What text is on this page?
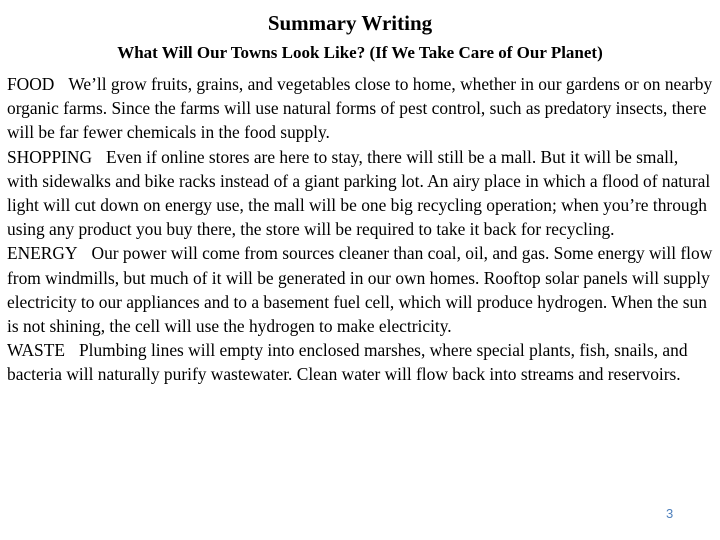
Summary Writing
What Will Our Towns Look Like? (If We Take Care of Our Planet)

FOOD We’ll grow fruits, grains, and vegetables close to home, whether in our gardens or on nearby organic farms. Since the farms will use natural forms of pest control, such as predatory insects, there will be far fewer chemicals in the food supply.

SHOPPING Even if online stores are here to stay, there will still be a mall. But it will be small, with sidewalks and bike racks instead of a giant parking lot. An airy place in which a flood of natural light will cut down on energy use, the mall will be one big recycling operation; when you’re through using any product you buy there, the store will be required to take it back for recycling.

ENERGY Our power will come from sources cleaner than coal, oil, and gas. Some energy will flow from windmills, but much of it will be generated in our own homes. Rooftop solar panels will supply electricity to our appliances and to a basement fuel cell, which will produce hydrogen. When the sun is not shining, the cell will use the hydrogen to make electricity.

WASTE Plumbing lines will empty into enclosed marshes, where special plants, fish, snails, and bacteria will naturally purify wastewater. Clean water will flow back into streams and reservoirs.

3
